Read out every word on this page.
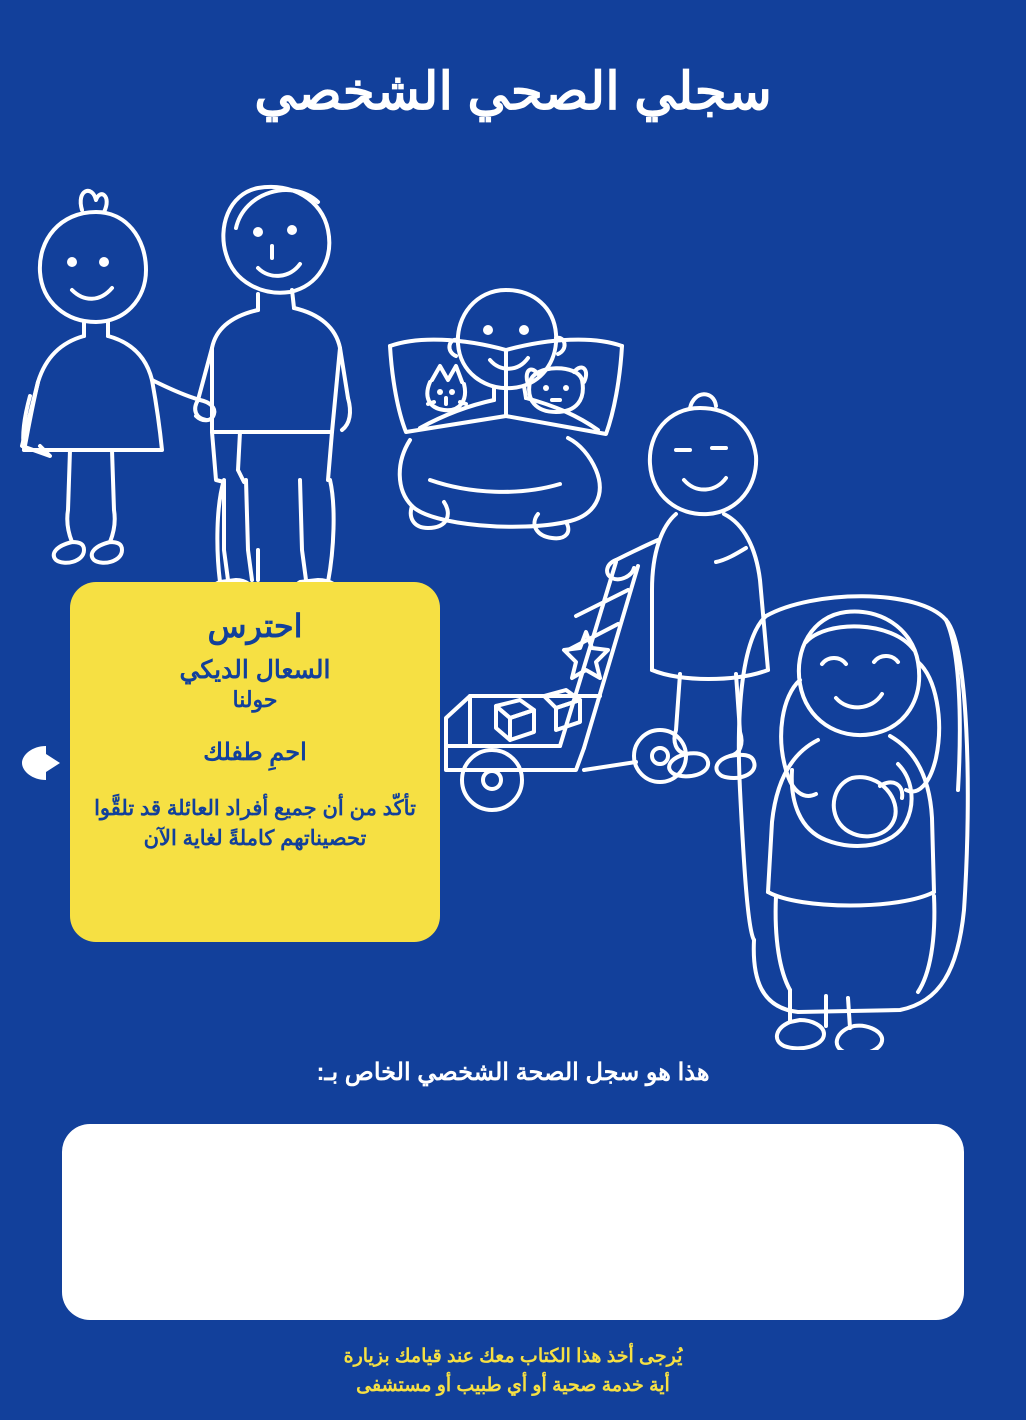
سجلي الصحي الشخصي
احترس
السعال الديكي
حولنا
احمِ طفلك
تأكّد من أن جميع أفراد العائلة قد تلقَّوا تحصيناتهم كاملةً لغاية الآن
هذا هو سجل الصحة الشخصي الخاص بـ:
يُرجى أخذ هذا الكتاب معك عند قيامك بزيارة
أية خدمة صحية أو أي طبيب أو مستشفى
